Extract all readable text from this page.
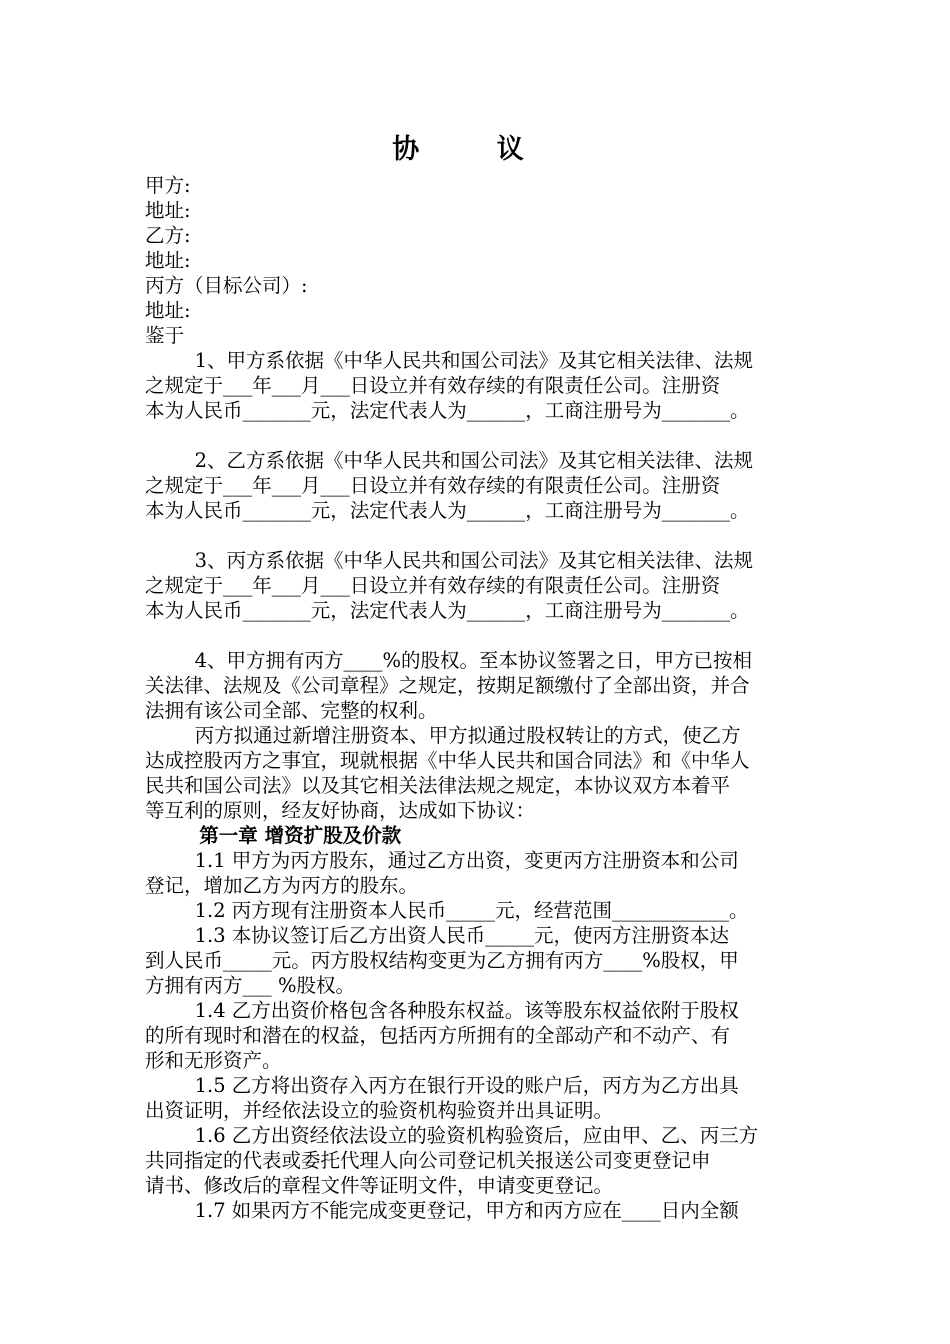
协 议

甲方:

地址:

乙方:

地址:

丙方（目标公司）:

地址:

鉴于

1、甲方系依据《中华人民共和国公司法》及其它相关法律、法规

之规定于___年___月___日设立并有效存续的有限责任公司。注册资

本为人民币_______元，法定代表人为______，工商注册号为_______。

2、乙方系依据《中华人民共和国公司法》及其它相关法律、法规

之规定于___年___月___日设立并有效存续的有限责任公司。注册资

本为人民币_______元，法定代表人为______，工商注册号为_______。

3、丙方系依据《中华人民共和国公司法》及其它相关法律、法规

之规定于___年___月___日设立并有效存续的有限责任公司。注册资

本为人民币_______元，法定代表人为______，工商注册号为_______。

4、甲方拥有丙方____%的股权。至本协议签署之日，甲方已按相

关法律、法规及《公司章程》之规定，按期足额缴付了全部出资，并合

法拥有该公司全部、完整的权利。

丙方拟通过新增注册资本、甲方拟通过股权转让的方式，使乙方

达成控股丙方之事宜，现就根据《中华人民共和国合同法》和《中华人

民共和国公司法》以及其它相关法律法规之规定，本协议双方本着平

等互利的原则，经友好协商，达成如下协议：

第一章 增资扩股及价款

1.1 甲方为丙方股东，通过乙方出资，变更丙方注册资本和公司

登记，增加乙方为丙方的股东。

1.2 丙方现有注册资本人民币_____元，经营范围____________。

1.3 本协议签订后乙方出资人民币_____元，使丙方注册资本达

到人民币_____元。丙方股权结构变更为乙方拥有丙方____%股权，甲

方拥有丙方___ %股权。

1.4 乙方出资价格包含各种股东权益。该等股东权益依附于股权

的所有现时和潜在的权益，包括丙方所拥有的全部动产和不动产、有

形和无形资产。

1.5 乙方将出资存入丙方在银行开设的账户后，丙方为乙方出具

出资证明，并经依法设立的验资机构验资并出具证明。

1.6 乙方出资经依法设立的验资机构验资后，应由甲、乙、丙三方

共同指定的代表或委托代理人向公司登记机关报送公司变更登记申

请书、修改后的章程文件等证明文件，申请变更登记。

1.7 如果丙方不能完成变更登记，甲方和丙方应在____日内全额
